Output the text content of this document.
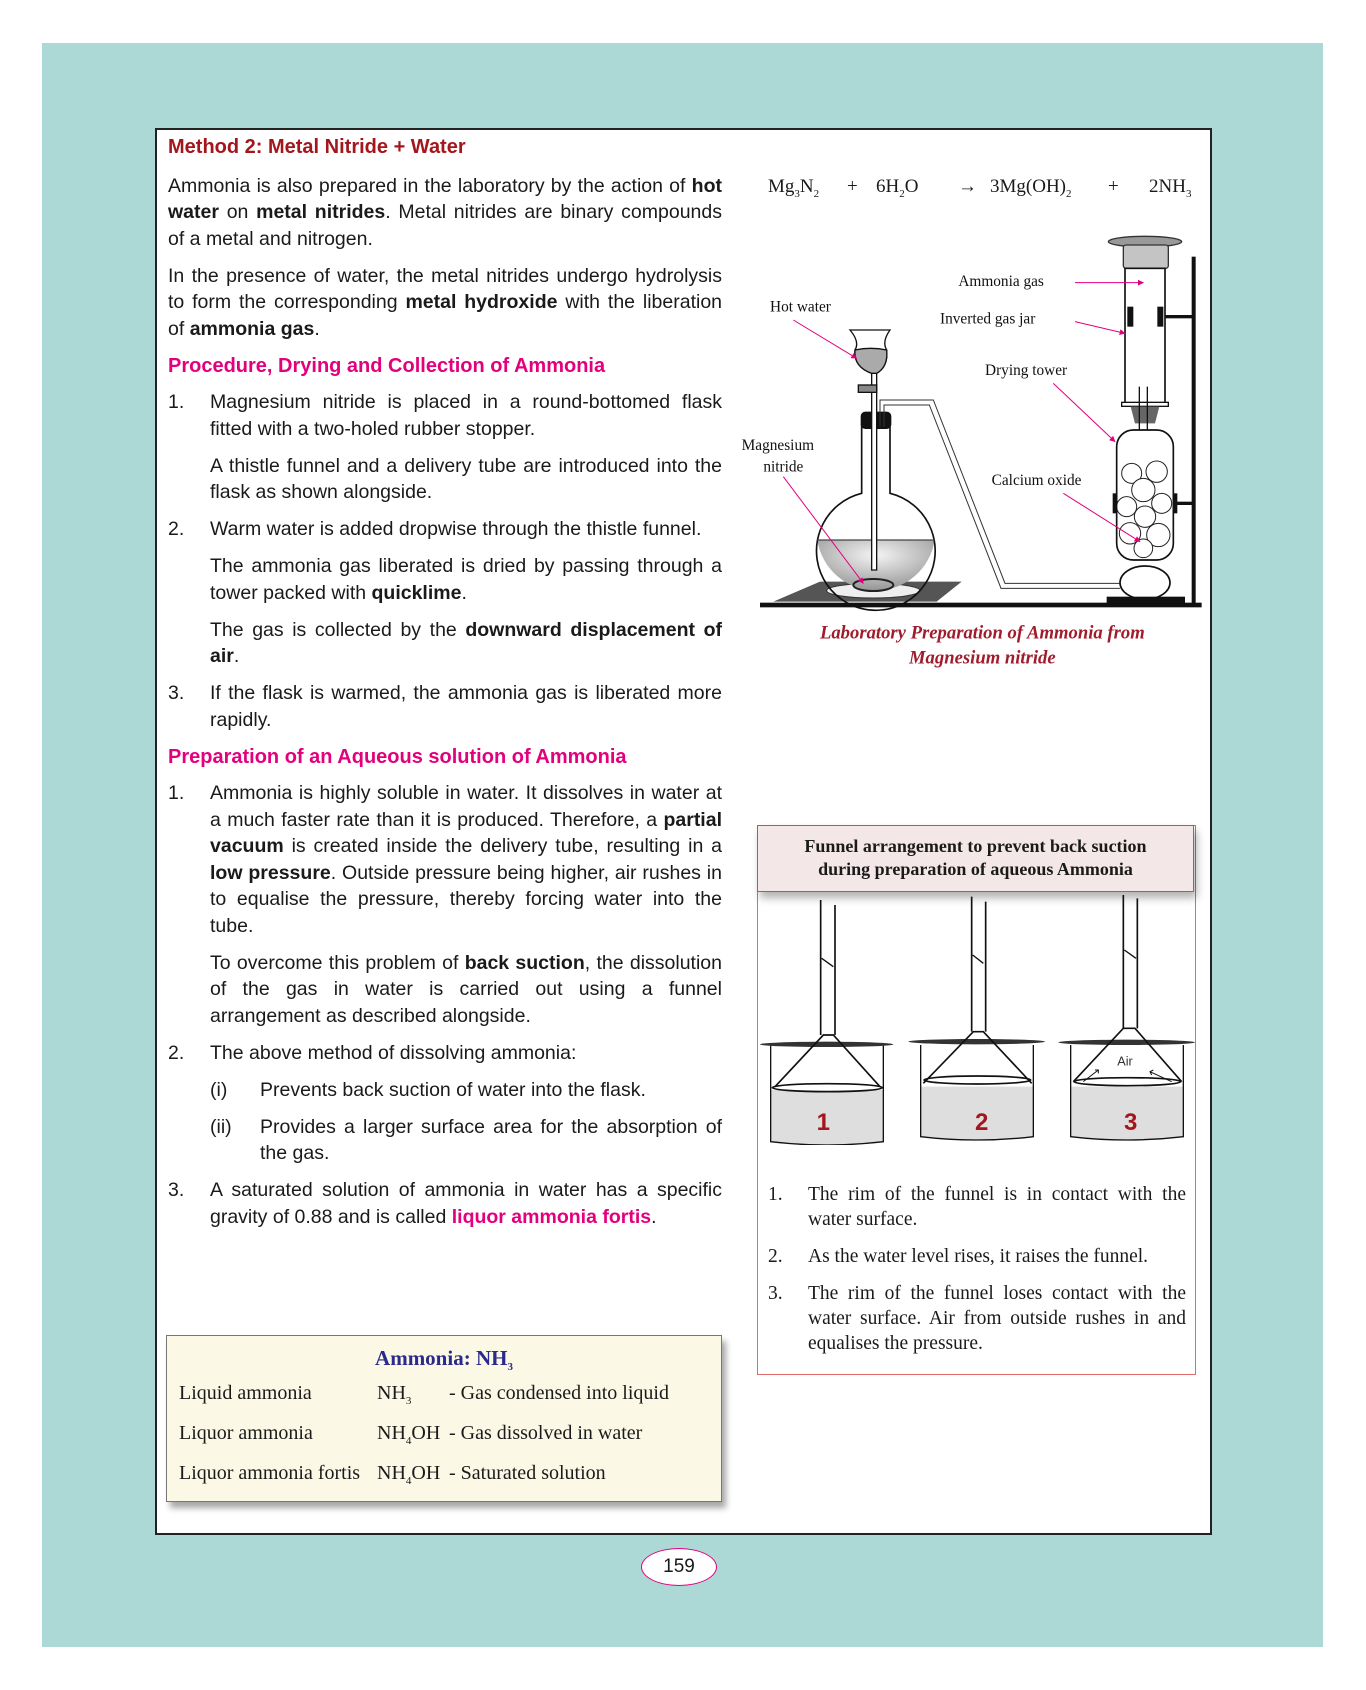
Method 2: Metal Nitride + Water

Ammonia is also prepared in the laboratory by the action of hot water on metal nitrides. Metal nitrides are binary compounds of a metal and nitrogen.

In the presence of water, the metal nitrides undergo hydrolysis to form the corresponding metal hydroxide with the liberation of ammonia gas.

Procedure, Drying and Collection of Ammonia

1.	Magnesium nitride is placed in a round-bottomed flask fitted with a two-holed rubber stopper.

A thistle funnel and a delivery tube are introduced into the flask as shown alongside.

2.	Warm water is added dropwise through the thistle funnel.

The ammonia gas liberated is dried by passing through a tower packed with quicklime.

The gas is collected by the downward displacement of air.

3.	If the flask is warmed, the ammonia gas is liberated more rapidly.

Preparation of an Aqueous solution of Ammonia

1.	Ammonia is highly soluble in water. It dissolves in water at a much faster rate than it is produced. Therefore, a partial vacuum is created inside the delivery tube, resulting in a low pressure. Outside pressure being higher, air rushes in to equalise the pressure, thereby forcing water into the tube.

To overcome this problem of back suction, the dissolution of the gas in water is carried out using a funnel arrangement as described alongside.

2.	The above method of dissolving ammonia:
(i)	Prevents back suction of water into the flask.
(ii)	Provides a larger surface area for the absorption of the gas.
3.	A saturated solution of ammonia in water has a specific gravity of 0.88 and is called liquor ammonia fortis.
Ammonia: $NH_3$
Liquid ammonia	$NH_3$ - Gas condensed into liquid
Liquor ammonia	$NH_4OH$ - Gas dissolved in water
Liquor ammonia fortis $NH_4OH$ - Saturated solution
$Mg_3N_2 + 6H_2O \to 3Mg(OH)_2 + 2NH_3$
Ammonia gas
Hot water
Inverted gas jar
Drying tower
Magnesium
nitride
Calcium oxide
Laboratory Preparation of Ammonia from
Magnesium nitride
Funnel arrangement to prevent back suction
during preparation of aqueous Ammonia
Air
1 2 3
1.	The rim of the funnel is in contact with the water surface.
2.	As the water level rises, it raises the funnel.
3.	The rim of the funnel loses contact with the water surface. Air from outside rushes in and equalises the pressure.
159
